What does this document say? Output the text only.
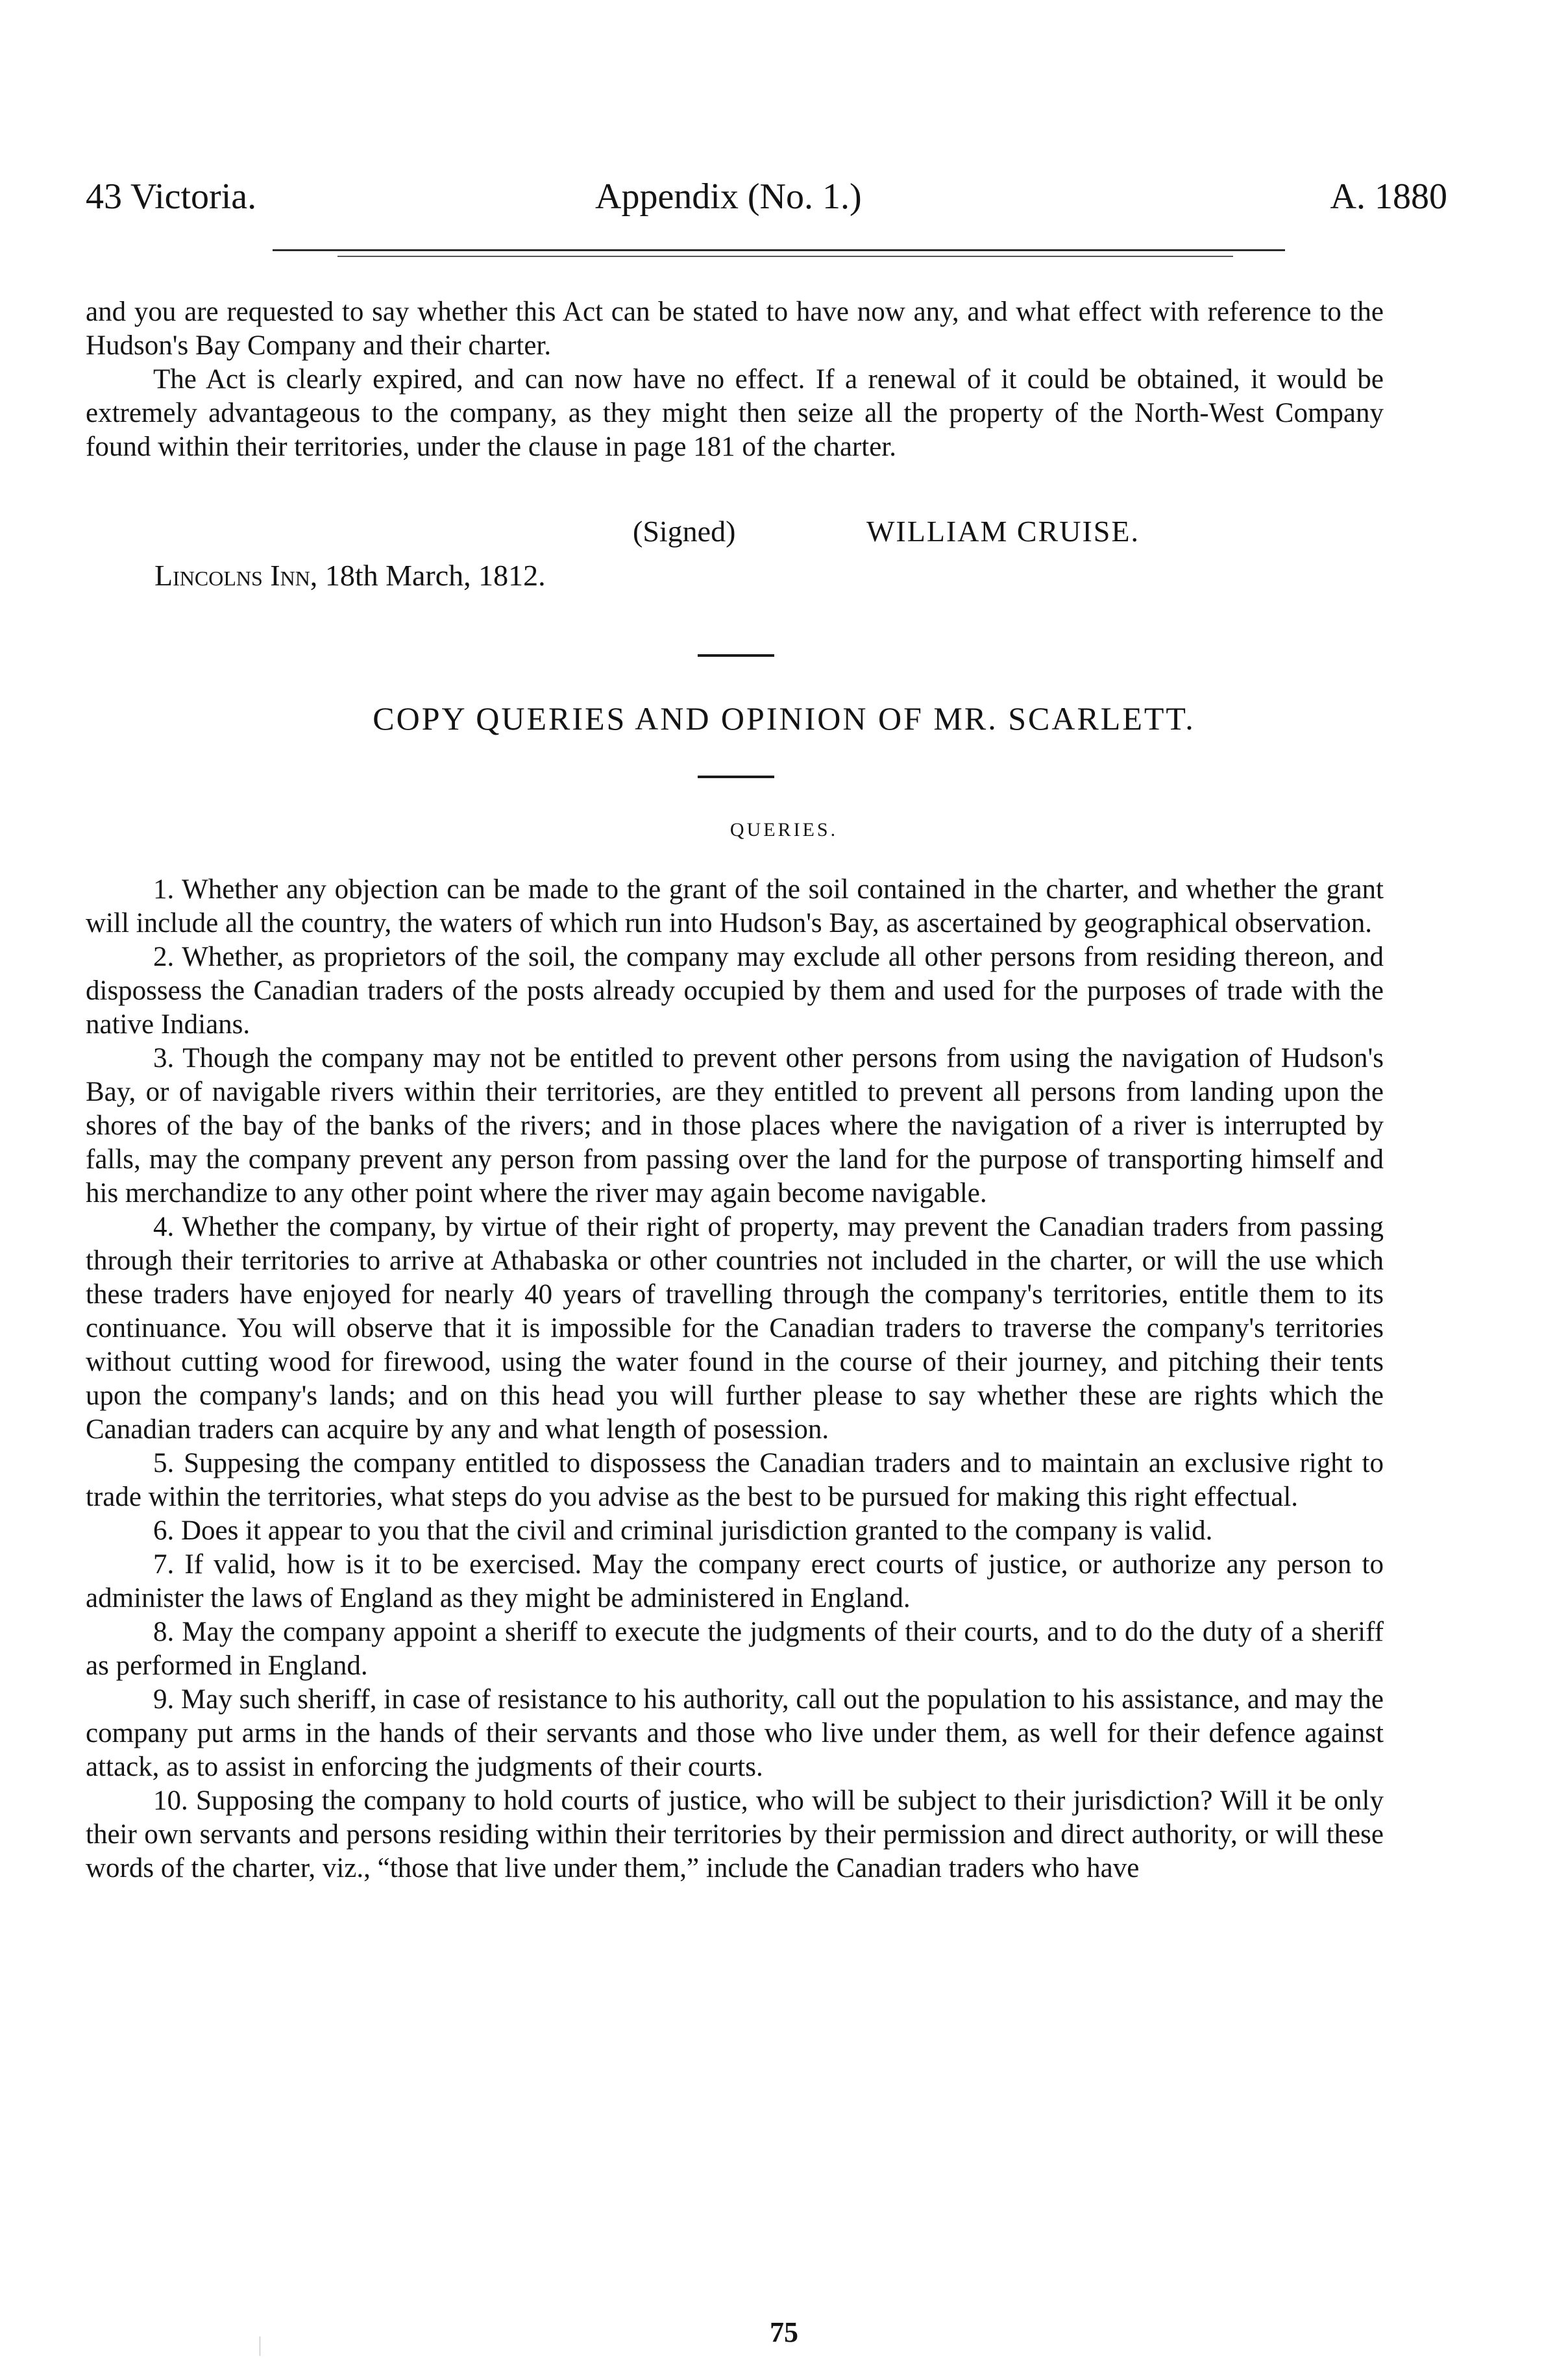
43 Victoria.	Appendix (No. 1.)	A. 1880

and you are requested to say whether this Act can be stated to have now any, and what effect with reference to the Hudson's Bay Company and their charter.

The Act is clearly expired, and can now have no effect. If a renewal of it could be obtained, it would be extremely advantageous to the company, as they might then seize all the property of the North-West Company found within their territories, under the clause in page 181 of the charter.

(Signed)	WILLIAM CRUISE.
Lincolns Inn, 18th March, 1812.
COPY QUERIES AND OPINION OF MR. SCARLETT.
QUERIES.

1. Whether any objection can be made to the grant of the soil contained in the charter, and whether the grant will include all the country, the waters of which run into Hudson's Bay, as ascertained by geographical observation.

2. Whether, as proprietors of the soil, the company may exclude all other persons from residing thereon, and dispossess the Canadian traders of the posts already occupied by them and used for the purposes of trade with the native Indians.

3. Though the company may not be entitled to prevent other persons from using the navigation of Hudson's Bay, or of navigable rivers within their territories, are they entitled to prevent all persons from landing upon the shores of the bay of the banks of the rivers; and in those places where the navigation of a river is interrupted by falls, may the company prevent any person from passing over the land for the purpose of transporting himself and his merchandize to any other point where the river may again become navigable.

4. Whether the company, by virtue of their right of property, may prevent the Canadian traders from passing through their territories to arrive at Athabaska or other countries not included in the charter, or will the use which these traders have enjoyed for nearly 40 years of travelling through the company's territories, entitle them to its continuance. You will observe that it is impossible for the Canadian traders to traverse the company's territories without cutting wood for firewood, using the water found in the course of their journey, and pitching their tents upon the company's lands; and on this head you will further please to say whether these are rights which the Canadian traders can acquire by any and what length of posession.

5. Suppesing the company entitled to dispossess the Canadian traders and to maintain an exclusive right to trade within the territories, what steps do you advise as the best to be pursued for making this right effectual.

6. Does it appear to you that the civil and criminal jurisdiction granted to the company is valid.

7. If valid, how is it to be exercised. May the company erect courts of justice, or authorize any person to administer the laws of England as they might be administered in England.

8. May the company appoint a sheriff to execute the judgments of their courts, and to do the duty of a sheriff as performed in England.

9. May such sheriff, in case of resistance to his authority, call out the population to his assistance, and may the company put arms in the hands of their servants and those who live under them, as well for their defence against attack, as to assist in enforcing the judgments of their courts.

10. Supposing the company to hold courts of justice, who will be subject to their jurisdiction? Will it be only their own servants and persons residing within their territories by their permission and direct authority, or will these words of the charter, viz., “those that live under them,” include the Canadian traders who have

75
